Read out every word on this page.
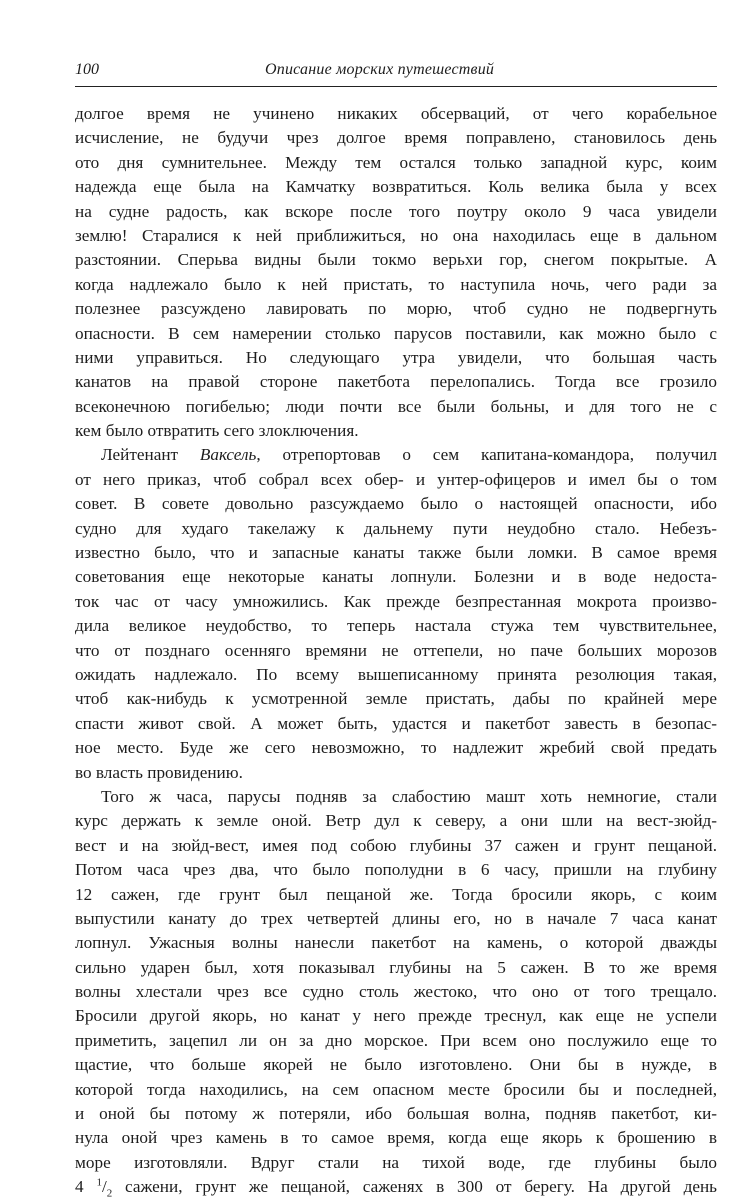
100	Описание морских путешествий
долгое время не учинено никаких обсерваций, от чего корабельное
исчисление, не будучи чрез долгое время поправлено, становилось день
ото дня сумнительнее. Между тем остался только западной курс, коим
надежда еще была на Камчатку возвратиться. Коль велика была у всех
на судне радость, как вскоре после того поутру около 9 часа увидели
землю! Старалися к ней приближиться, но она находилась еще в дальном
разстоянии. Сперьва видны были токмо верьхи гор, снегом покрытые. А
когда надлежало было к ней пристать, то наступила ночь, чего ради за
полезнее разсуждено лавировать по морю, чтоб судно не подвергнуть
опасности. В сем намерении столько парусов поставили, как можно было с
ними управиться. Но следующаго утра увидели, что большая часть
канатов на правой стороне пакетбота перелопались. Тогда все грозило
всеконечною погибелью; люди почти все были больны, и для того не с
кем было отвратить сего злоключения.
Лейтенант Ваксель, отрепортовав о сем капитана-командора, получил
от него приказ, чтоб собрал всех обер- и унтер-офицеров и имел бы о том
совет. В совете довольно разсуждаемо было о настоящей опасности, ибо
судно для худаго такелажу к дальнему пути неудобно стало. Небезъ-
известно было, что и запасные канаты также были ломки. В самое время
советования еще некоторые канаты лопнули. Болезни и в воде недоста-
ток час от часу умножились. Как прежде безпрестанная мокрота произво-
дила великое неудобство, то теперь настала стужа тем чувствительнее,
что от позднаго осенняго времяни не оттепели, но паче больших морозов
ожидать надлежало. По всему вышеписанному принята резолюция такая,
чтоб как-нибудь к усмотренной земле пристать, дабы по крайней мере
спасти живот свой. А может быть, удастся и пакетбот завесть в безопас-
ное место. Буде же сего невозможно, то надлежит жребий свой предать
во власть провидению.
Того ж часа, парусы подняв за слабостию машт хоть немногие, стали
курс держать к земле оной. Ветр дул к северу, а они шли на вест-зюйд-
вест и на зюйд-вест, имея под собою глубины 37 сажен и грунт пещаной.
Потом часа чрез два, что было пополудни в 6 часу, пришли на глубину
12 сажен, где грунт был пещаной же. Тогда бросили якорь, с коим
выпустили канату до трех четвертей длины его, но в начале 7 часа канат
лопнул. Ужасныя волны нанесли пакетбот на камень, о которой дважды
сильно ударен был, хотя показывал глубины на 5 сажен. В то же время
волны хлестали чрез все судно столь жестоко, что оно от того трещало.
Бросили другой якорь, но канат у него прежде треснул, как еще не успели
приметить, зацепил ли он за дно морское. При всем оно послужило еще то
щастие, что больше якорей не было изготовлено. Они бы в нужде, в
которой тогда находились, на сем опасном месте бросили бы и последней,
и оной бы потому ж потеряли, ибо большая волна, подняв пакетбот, ки-
нула оной чрез камень в то самое время, когда еще якорь к брошению в
море изготовляли. Вдруг стали на тихой воде, где глубины было
4 $^1/_2$ сажени, грунт же пещаной, саженях в 300 от берегу. На другой день
